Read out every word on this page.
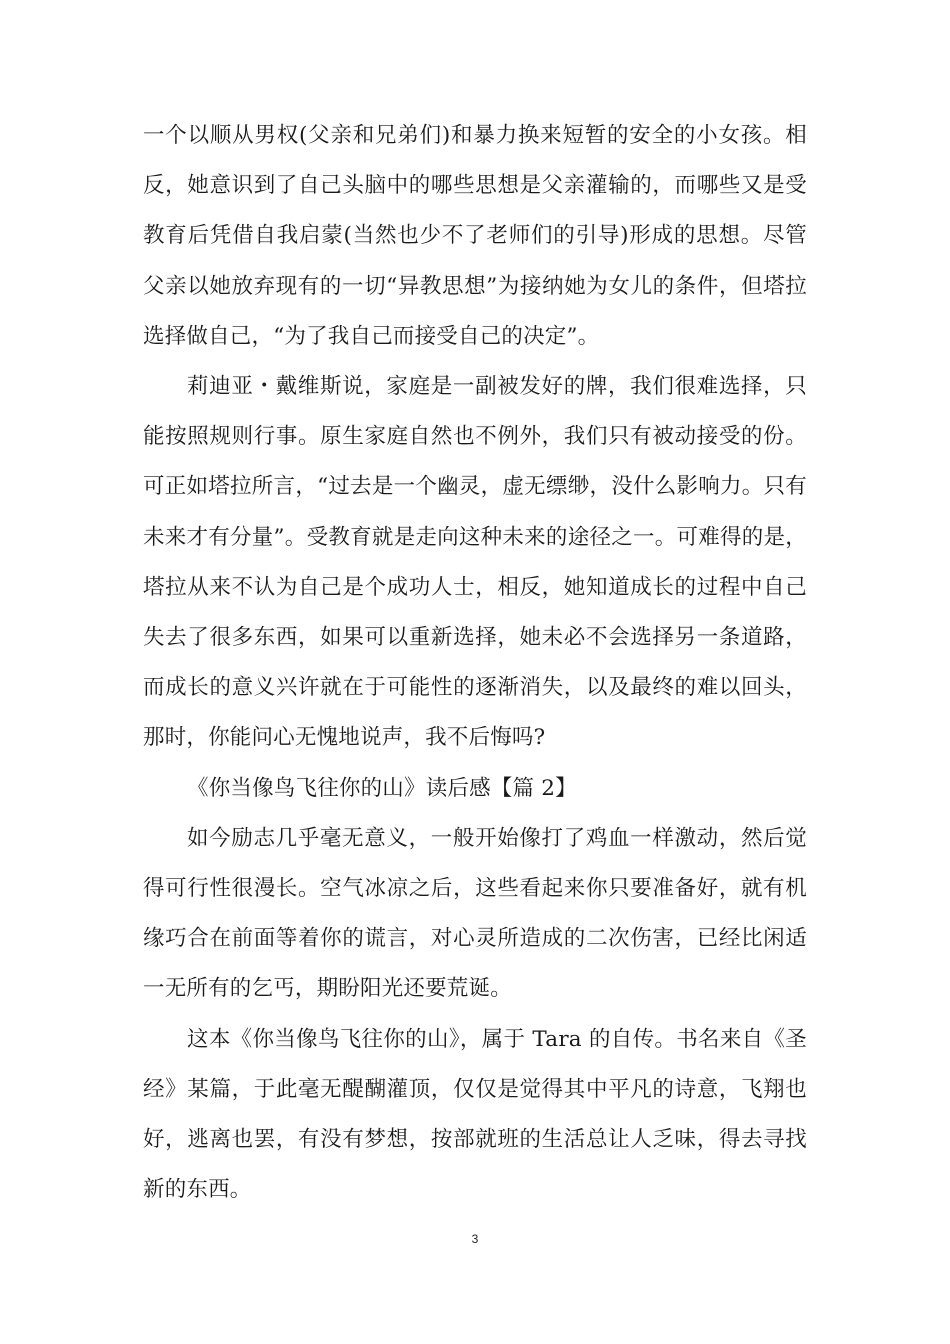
一个以顺从男权(父亲和兄弟们)和暴力换来短暂的安全的小女孩。相反，她意识到了自己头脑中的哪些思想是父亲灌输的，而哪些又是受教育后凭借自我启蒙(当然也少不了老师们的引导)形成的思想。尽管父亲以她放弃现有的一切“异教思想”为接纳她为女儿的条件，但塔拉选择做自己，“为了我自己而接受自己的决定”。

莉迪亚・戴维斯说，家庭是一副被发好的牌，我们很难选择，只能按照规则行事。原生家庭自然也不例外，我们只有被动接受的份。可正如塔拉所言，“过去是一个幽灵，虚无缥缈，没什么影响力。只有未来才有分量”。受教育就是走向这种未来的途径之一。可难得的是，塔拉从来不认为自己是个成功人士，相反，她知道成长的过程中自己失去了很多东西，如果可以重新选择，她未必不会选择另一条道路，而成长的意义兴许就在于可能性的逐渐消失，以及最终的难以回头，那时，你能问心无愧地说声，我不后悔吗?

《你当像鸟飞往你的山》读后感【篇 2】

如今励志几乎毫无意义，一般开始像打了鸡血一样激动，然后觉得可行性很漫长。空气冰凉之后，这些看起来你只要准备好，就有机缘巧合在前面等着你的谎言，对心灵所造成的二次伤害，已经比闲适一无所有的乞丐，期盼阳光还要荒诞。

这本《你当像鸟飞往你的山》，属于 Tara 的自传。书名来自《圣经》某篇，于此毫无醍醐灌顶，仅仅是觉得其中平凡的诗意，飞翔也好，逃离也罢，有没有梦想，按部就班的生活总让人乏味，得去寻找新的东西。

3
